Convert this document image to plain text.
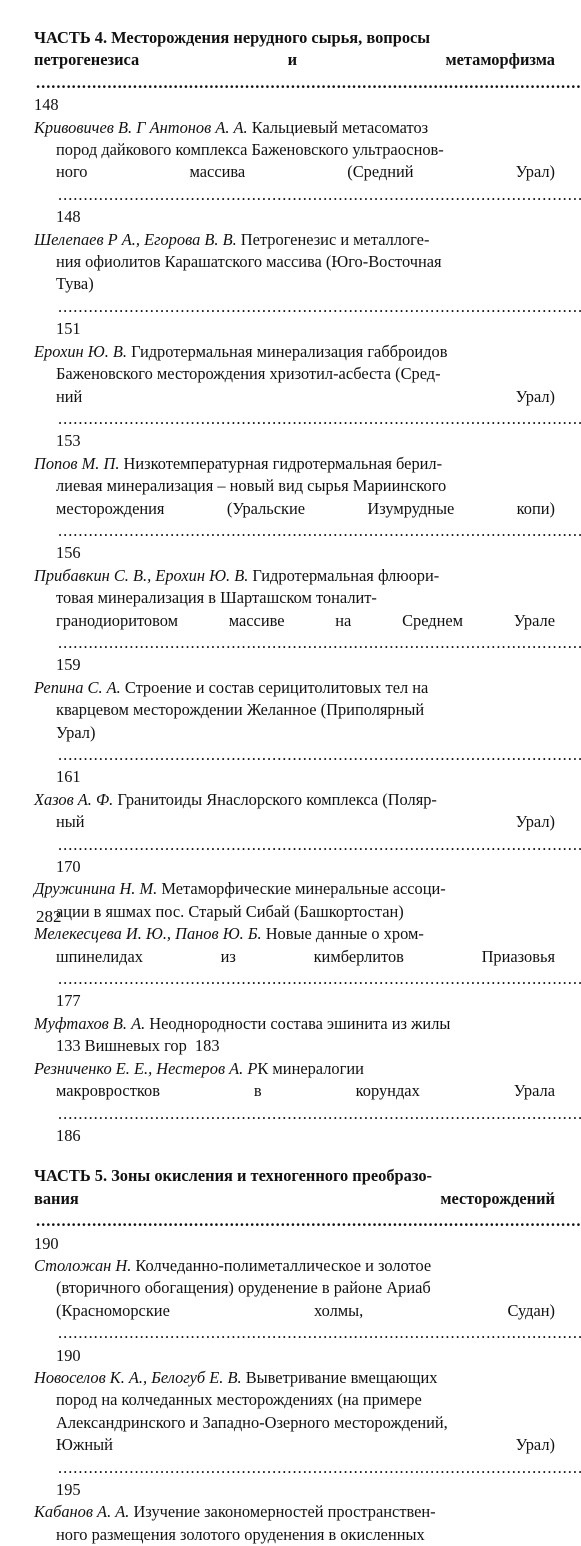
ЧАСТЬ 4. Месторождения нерудного сырья, вопросы
петрогенезиса и метаморфизма ..... 148
Кривовичев В. Г Антонов А. А. Кальциевый метасоматоз
пород дайкового комплекса Баженовского ультраоснов-
ного массива (Средний Урал) ..... 148
Шелепаев Р А., Егорова В. В. Петрогенезис и металлоге-
ния офиолитов Карашатского массива (Юго-Восточная
Тува) ..... 151
Ерохин Ю. В. Гидротермальная минерализация габброидов
Баженовского месторождения хризотил-асбеста (Сред-
ний Урал) ..... 153
Попов М. П. Низкотемпературная гидротермальная берил-
лиевая минерализация – новый вид сырья Мариинского
месторождения (Уральские Изумрудные копи) ..... 156
Прибавкин С. В., Ерохин Ю. В. Гидротермальная флюори-
товая минерализация в Шарташском тоналит-
гранодиоритовом массиве на Среднем Урале ..... 159
Репина С. А. Строение и состав серицитолитовых тел на
кварцевом месторождении Желанное (Приполярный
Урал) ..... 161
Хазов А. Ф. Гранитоиды Янаслорского комплекса (Поляр-
ный Урал) ..... 170
Дружинина Н. М. Метаморфические минеральные ассоци-
ации в яшмах пос. Старый Сибай (Башкортостан)
Мелекесцева И. Ю., Панов Ю. Б. Новые данные о хром-
шпинелидах из кимберлитов Приазовья ..... 177
Муфтахов В. А. Неоднородности состава эшинита из жилы
133 Вишневых гор 183
Резниченко Е. Е., Нестеров А. РК минералогии
макровростков в корундах Урала ..... 186
ЧАСТЬ 5. Зоны окисления и техногенного преобразо-
вания месторождений ..... 190
Столожан Н. Колчеданно-полиметаллическое и золотое
(вторичного обогащения) оруденение в районе Ариаб
(Красноморские холмы, Судан) ..... 190
Новоселов К. А., Белогуб Е. В. Выветривание вмещающих
пород на колчеданных месторождениях (на примере
Александринского и Западно-Озерного месторождений,
Южный Урал) ..... 195
Кабанов А. А. Изучение закономерностей пространствен-
ного размещения золотого оруденения в окисленных
282
